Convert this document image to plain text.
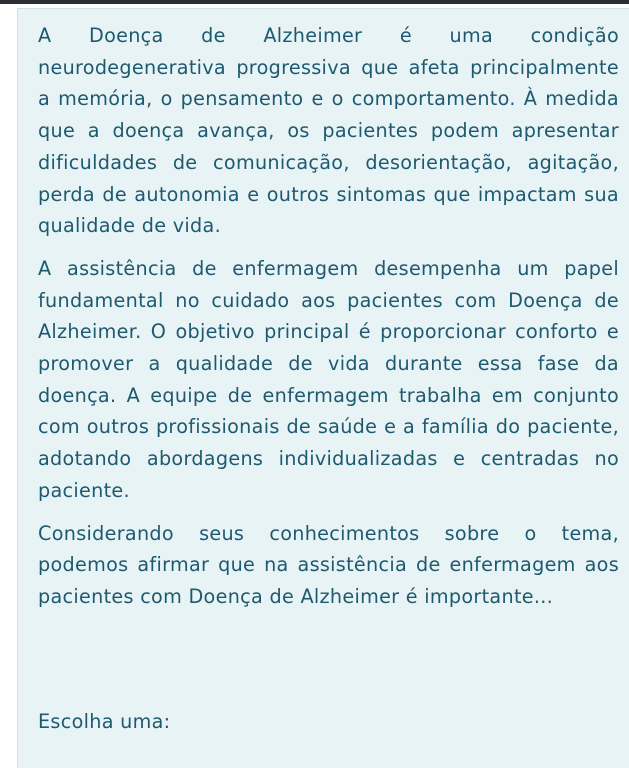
A Doença de Alzheimer é uma condição neurodegenerativa progressiva que afeta principalmente a memória, o pensamento e o comportamento. À medida que a doença avança, os pacientes podem apresentar dificuldades de comunicação, desorientação, agitação, perda de autonomia e outros sintomas que impactam sua qualidade de vida.

A assistência de enfermagem desempenha um papel fundamental no cuidado aos pacientes com Doença de Alzheimer. O objetivo principal é proporcionar conforto e promover a qualidade de vida durante essa fase da doença. A equipe de enfermagem trabalha em conjunto com outros profissionais de saúde e a família do paciente, adotando abordagens individualizadas e centradas no paciente.

Considerando seus conhecimentos sobre o tema, podemos afirmar que na assistência de enfermagem aos pacientes com Doença de Alzheimer é importante...

Escolha uma:
